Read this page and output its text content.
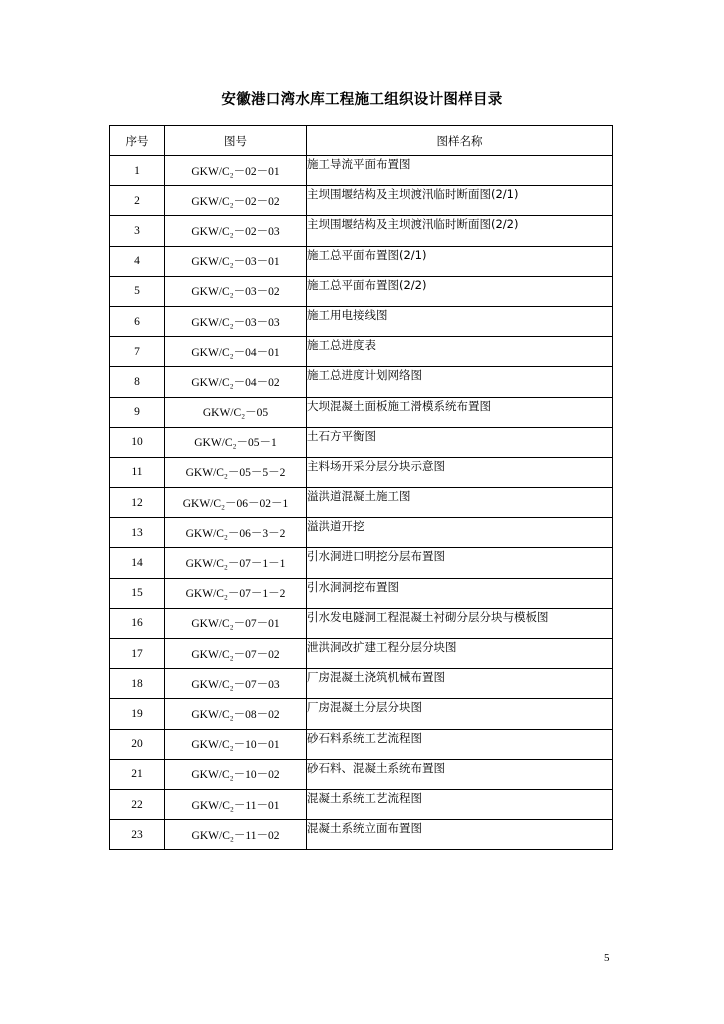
安徽港口湾水库工程施工组织设计图样目录
序号	图号	图样名称
1	GKW/C₂－02－01	施工导流平面布置图
2	GKW/C₂－02－02	主坝围堰结构及主坝渡汛临时断面图(2/1)
3	GKW/C₂－02－03	主坝围堰结构及主坝渡汛临时断面图(2/2)
4	GKW/C₂－03－01	施工总平面布置图(2/1)
5	GKW/C₂－03－02	施工总平面布置图(2/2)
6	GKW/C₂－03－03	施工用电接线图
7	GKW/C₂－04－01	施工总进度表
8	GKW/C₂－04－02	施工总进度计划网络图
9	GKW/C₂－05	大坝混凝土面板施工滑模系统布置图
10	GKW/C₂－05－1	土石方平衡图
11	GKW/C₂－05－5－2	主料场开采分层分块示意图
12	GKW/C₂－06－02－1	溢洪道混凝土施工图
13	GKW/C₂－06－3－2	溢洪道开挖
14	GKW/C₂－07－1－1	引水洞进口明挖分层布置图
15	GKW/C₂－07－1－2	引水洞洞挖布置图
16	GKW/C₂－07－01	引水发电隧洞工程混凝土衬砌分层分块与模板图
17	GKW/C₂－07－02	泄洪洞改扩建工程分层分块图
18	GKW/C₂－07－03	厂房混凝土浇筑机械布置图
19	GKW/C₂－08－02	厂房混凝土分层分块图
20	GKW/C₂－10－01	砂石料系统工艺流程图
21	GKW/C₂－10－02	砂石料、混凝土系统布置图
22	GKW/C₂－11－01	混凝土系统工艺流程图
23	GKW/C₂－11－02	混凝土系统立面布置图
5
